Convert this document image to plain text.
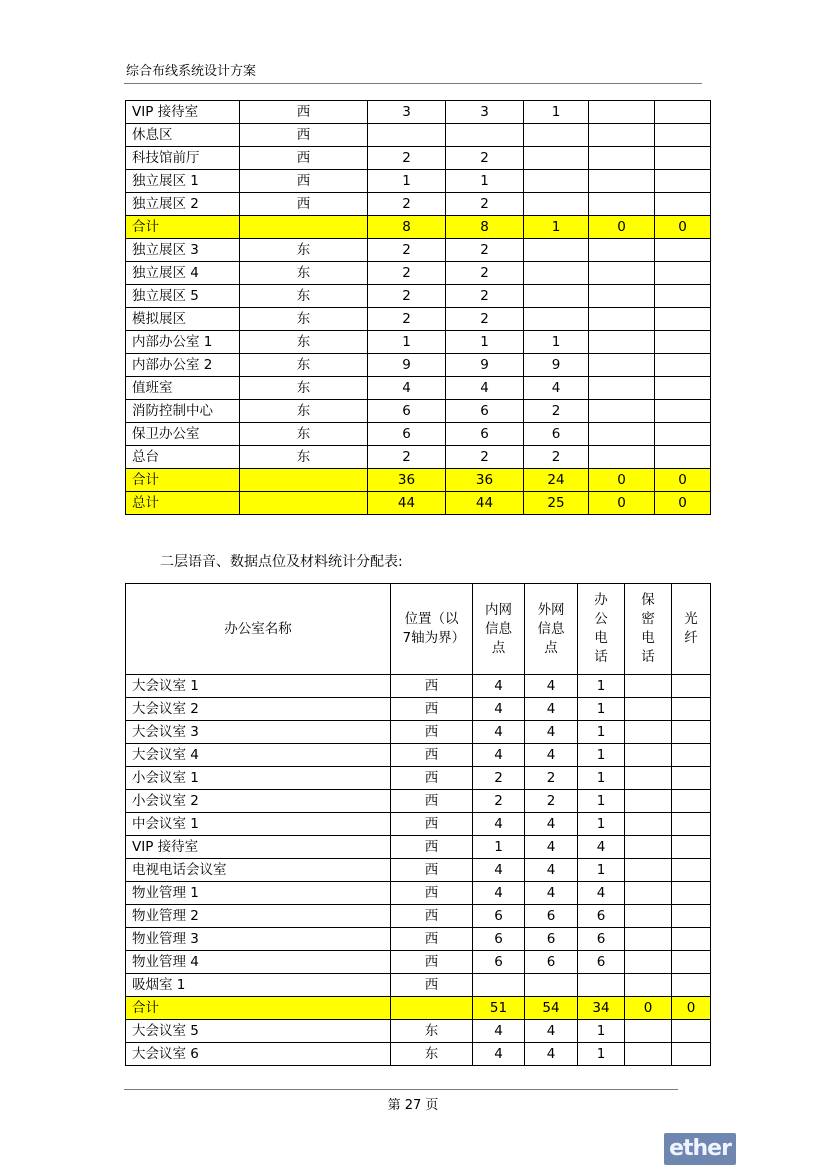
综合布线系统设计方案
VIP 接待室	西	3	3	1		
休息区	西					
科技馆前厅	西	2	2			
独立展区 1	西	1	1			
独立展区 2	西	2	2			
合计		8	8	1	0	0
独立展区 3	东	2	2			
独立展区 4	东	2	2			
独立展区 5	东	2	2			
模拟展区	东	2	2			
内部办公室 1	东	1	1	1		
内部办公室 2	东	9	9	9		
值班室	东	4	4	4		
消防控制中心	东	6	6	2		
保卫办公室	东	6	6	6		
总台	东	2	2	2		
合计		36	36	24	0	0
总计		44	44	25	0	0
二层语音、数据点位及材料统计分配表:
办公室名称	位置（以7轴为界）	内网信息点	外网信息点	办公电话	保密电话	光纤
大会议室 1	西	4	4	1		
大会议室 2	西	4	4	1		
大会议室 3	西	4	4	1		
大会议室 4	西	4	4	1		
小会议室 1	西	2	2	1		
小会议室 2	西	2	2	1		
中会议室 1	西	4	4	1		
VIP 接待室	西	1	4	4		
电视电话会议室	西	4	4	1		
物业管理 1	西	4	4	4		
物业管理 2	西	6	6	6		
物业管理 3	西	6	6	6		
物业管理 4	西	6	6	6		
吸烟室 1	西					
合计		51	54	34	0	0
大会议室 5	东	4	4	1		
大会议室 6	东	4	4	1		
第 27 页
ether
